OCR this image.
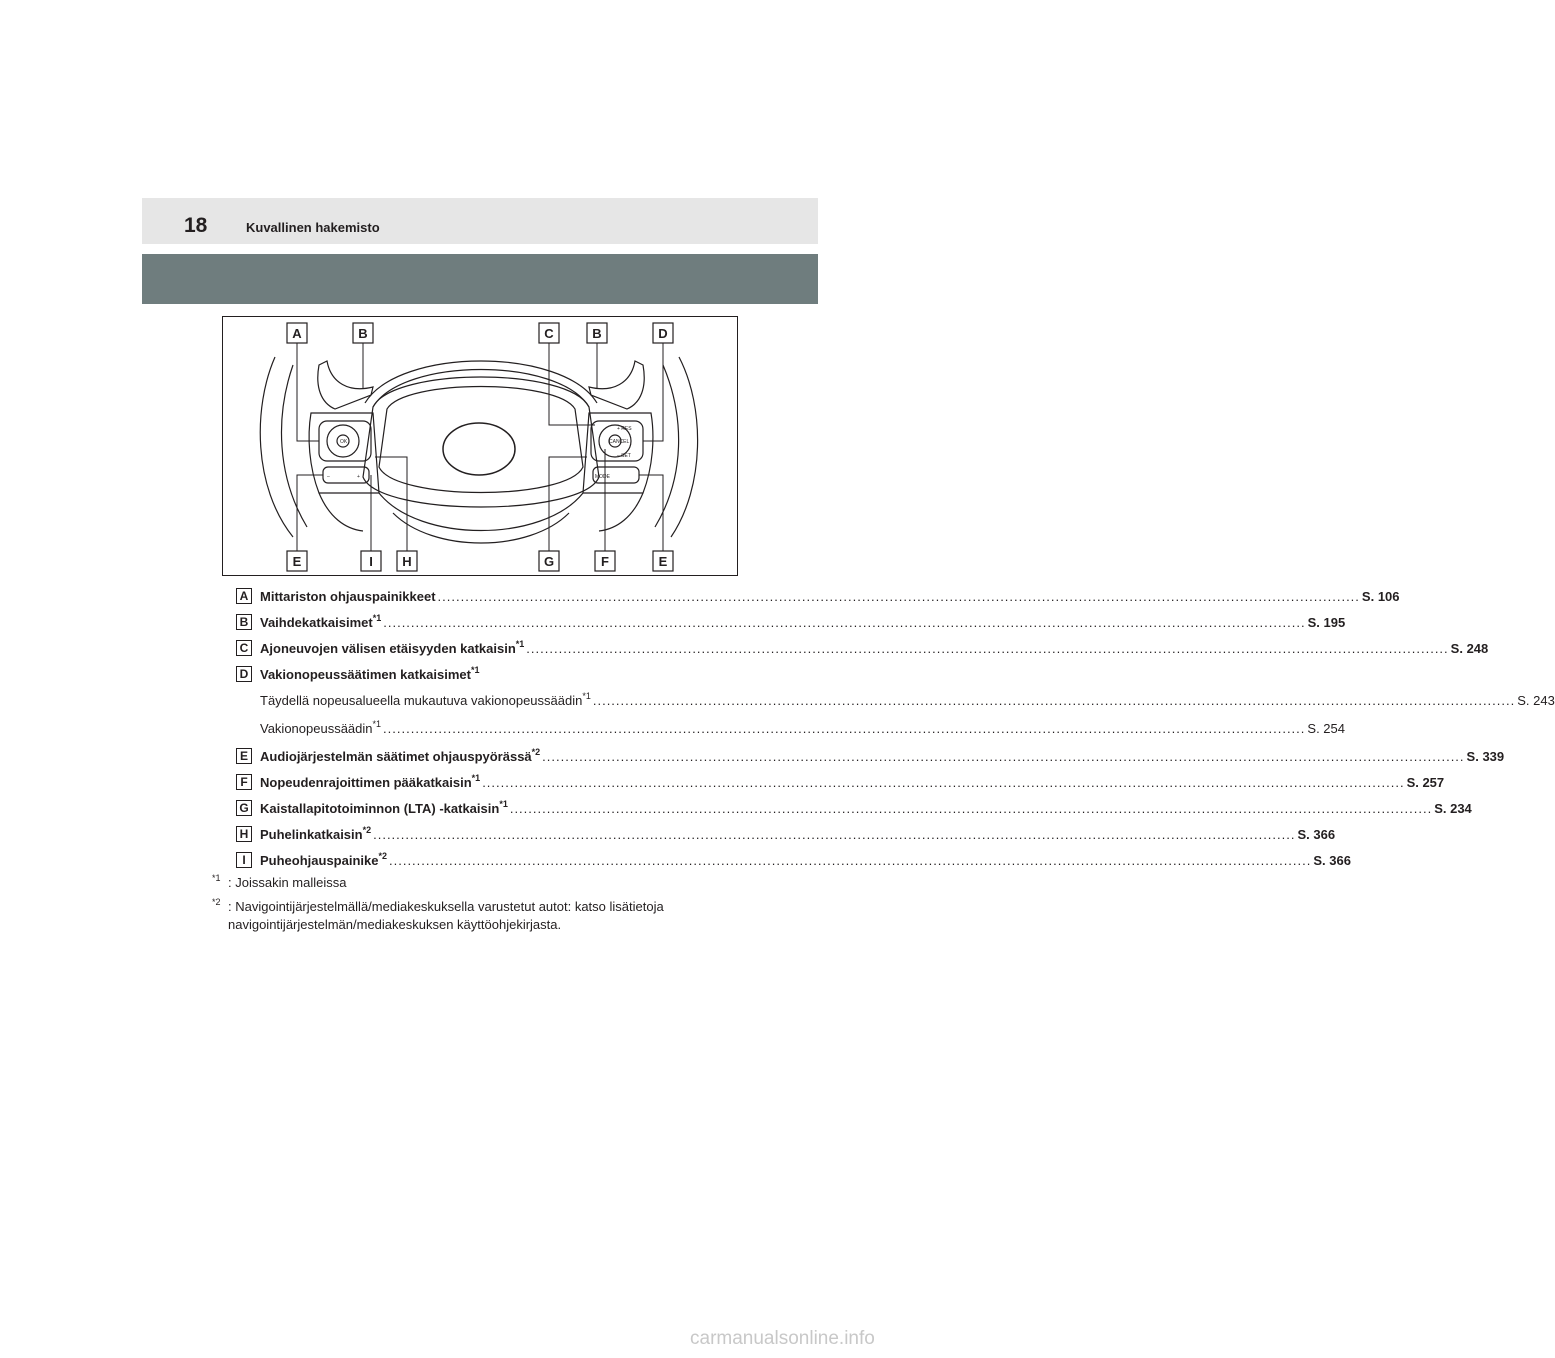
18	Kuvallinen hakemisto
OK
+ RES
– SET
CANCEL
MODE
+
–
A	B	C	B	D
E	I H	G	F	E
A Mittariston ohjauspainikkeet ........................................................................................................................................................................................................ S. 106
B Vaihdekatkaisimet$^{*1}$ ........................................................................................................................................................................................................ S. 195
C Ajoneuvojen välisen etäisyyden katkaisin$^{*1}$ ........................................................................................................................................................................................................ S. 248
D Vakionopeussäätimen katkaisimet$^{*1}$
Täydellä nopeusalueella mukautuva vakionopeussäädin$^{*1}$ ........................................................................................................................................................................................................ S. 243
Vakionopeussäädin$^{*1}$ ........................................................................................................................................................................................................ S. 254
E Audiojärjestelmän säätimet ohjauspyörässä$^{*2}$ ........................................................................................................................................................................................................ S. 339
F Nopeudenrajoittimen pääkatkaisin$^{*1}$ ........................................................................................................................................................................................................ S. 257
G Kaistallapitotoiminnon (LTA) -katkaisin$^{*1}$ ........................................................................................................................................................................................................ S. 234
H Puhelinkatkaisin$^{*2}$ ........................................................................................................................................................................................................ S. 366
I	Puheohjauspainike$^{*2}$ ........................................................................................................................................................................................................ S. 366
$^{*1}$ : Joissakin malleissa
$^{*2}$ : Navigointijärjestelmällä/mediakeskuksella varustetut autot: katso lisätietoja navigointijärjestelmän/mediakeskuksen käyttöohjekirjasta.
carmanualsonline.info
